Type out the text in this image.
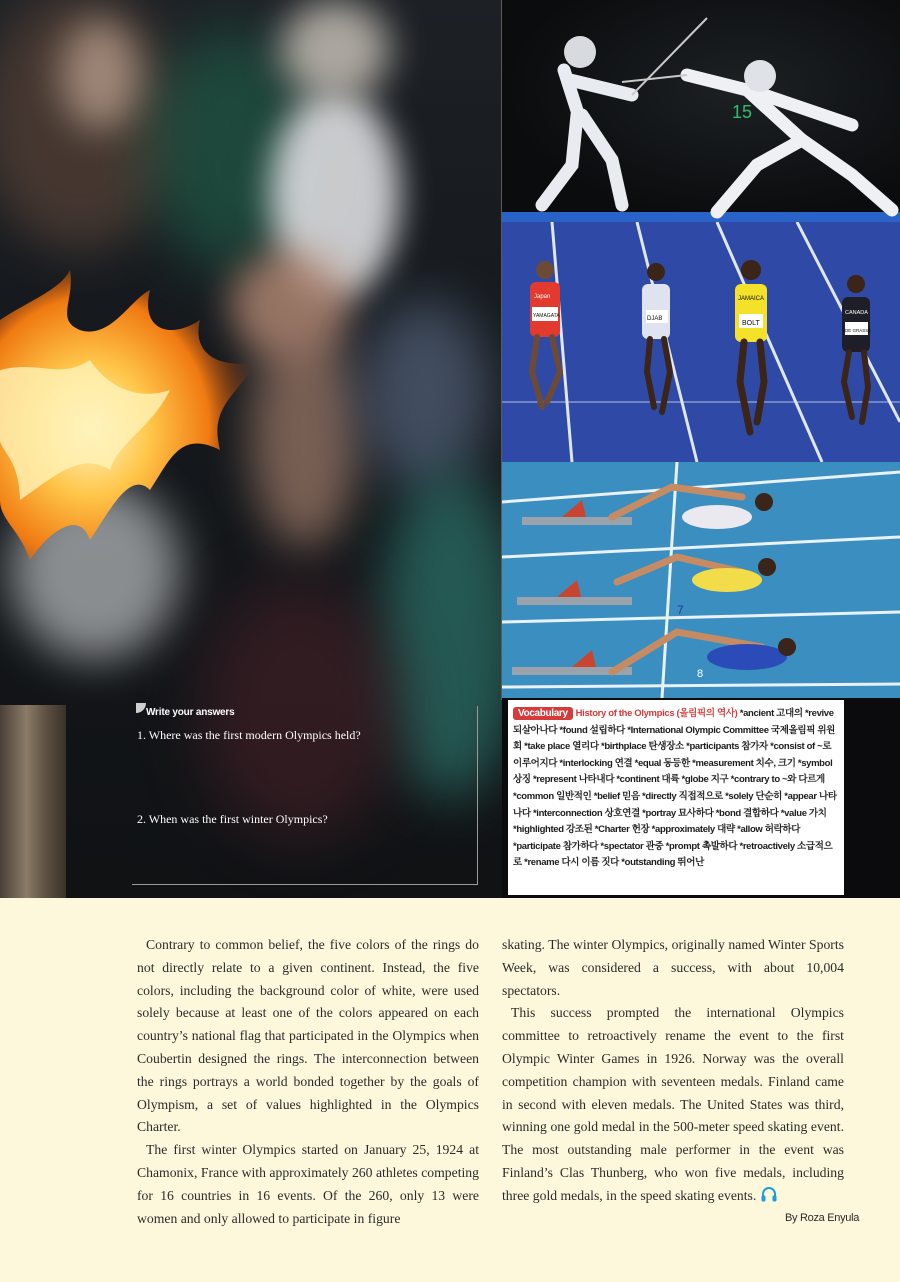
15
Japan
YAMAGATA	DJAB
JAMAICA
BOLT
CANADA
DE GRASSE
7
8
Write your answers
1. Where was the first modern Olympics held?
2. When was the first winter Olympics?

Vocabulary History of the Olympics (올림픽의 역사) *ancient 고대의 *revive 되살아나다 *found 설립하다 *International Olympic Committee 국제올림픽 위원회 *take place 열리다 *birthplace 탄생장소 *participants 참가자 *consist of ~로 이루어지다 *interlocking 연결 *equal 동등한 *measurement 치수, 크기 *symbol 상징 *represent 나타내다 *continent 대륙 *globe 지구 *contrary to ~와 다르게 *common 일반적인 *belief 믿음 *directly 직접적으로 *solely 단순히 *appear 나타나다 *interconnection 상호연결 *portray 묘사하다 *bond 결합하다 *value 가치 *highlighted 강조된 *Charter 헌장 *approximately 대략 *allow 허락하다 *participate 참가하다 *spectator 관중 *prompt 촉발하다 *retroactively 소급적으로 *rename 다시 이름 짓다 *outstanding 뛰어난

Contrary to common belief, the five colors of the rings do not directly relate to a given continent. Instead, the five colors, including the background color of white, were used solely because at least one of the colors appeared on each country’s national flag that participated in the Olympics when Coubertin designed the rings. The interconnection between the rings portrays a world bonded together by the goals of Olympism, a set of values highlighted in the Olympics Charter.

The first winter Olympics started on January 25, 1924 at Chamonix, France with approximately 260 athletes competing for 16 countries in 16 events. Of the 260, only 13 were women and only allowed to participate in figure

skating. The winter Olympics, originally named Winter Sports Week, was considered a success, with about 10,004 spectators.

This success prompted the international Olympics committee to retroactively rename the event to the first Olympic Winter Games in 1926. Norway was the overall competition champion with seventeen medals. Finland came in second with eleven medals. The United States was third, winning one gold medal in the 500-meter speed skating event. The most outstanding male performer in the event was Finland’s Clas Thunberg, who won five medals, including three gold medals, in the speed skating events.

By Roza Enyula
